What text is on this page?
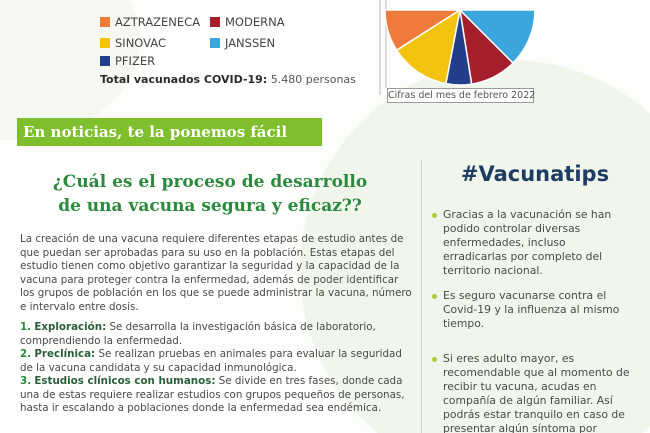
AZTRAZENECA MODERNA
SINOVAC	JANSSEN
PFIZER
Total vacunados COVID-19: 5.480 personas
Cifras del mes de febrero 2022
En noticias, te la ponemos fácil
¿Cuál es el proceso de desarrollo
de una vacuna segura y eficaz??

La creación de una vacuna requiere diferentes etapas de estudio antes de que puedan ser aprobadas para su uso en la población. Estas etapas del estudio tienen como objetivo garantizar la seguridad y la capacidad de la vacuna para proteger contra la enfermedad, además de poder identificar los grupos de población en los que se puede administrar la vacuna, número e intervalo entre dosis.

1. Exploración: Se desarrolla la investigación básica de laboratorio, comprendiendo la enfermedad.
2. Preclínica: Se realizan pruebas en animales para evaluar la seguridad de la vacuna candidata y su capacidad inmunológica.
3. Estudios clínicos con humanos: Se divide en tres fases, donde cada una de estas requiere realizar estudios con grupos pequeños de personas, hasta ir escalando a poblaciones donde la enfermedad sea endémica.
#Vacunatips
Gracias a la vacunación se han podido controlar diversas enfermedades, incluso erradicarlas por completo del territorio nacional.
Es seguro vacunarse contra el Covid-19 y la influenza al mismo tiempo.
Si eres adulto mayor, es recomendable que al momento de recibir tu vacuna, acudas en compañía de algún familiar. Así podrás estar tranquilo en caso de presentar algún síntoma por
